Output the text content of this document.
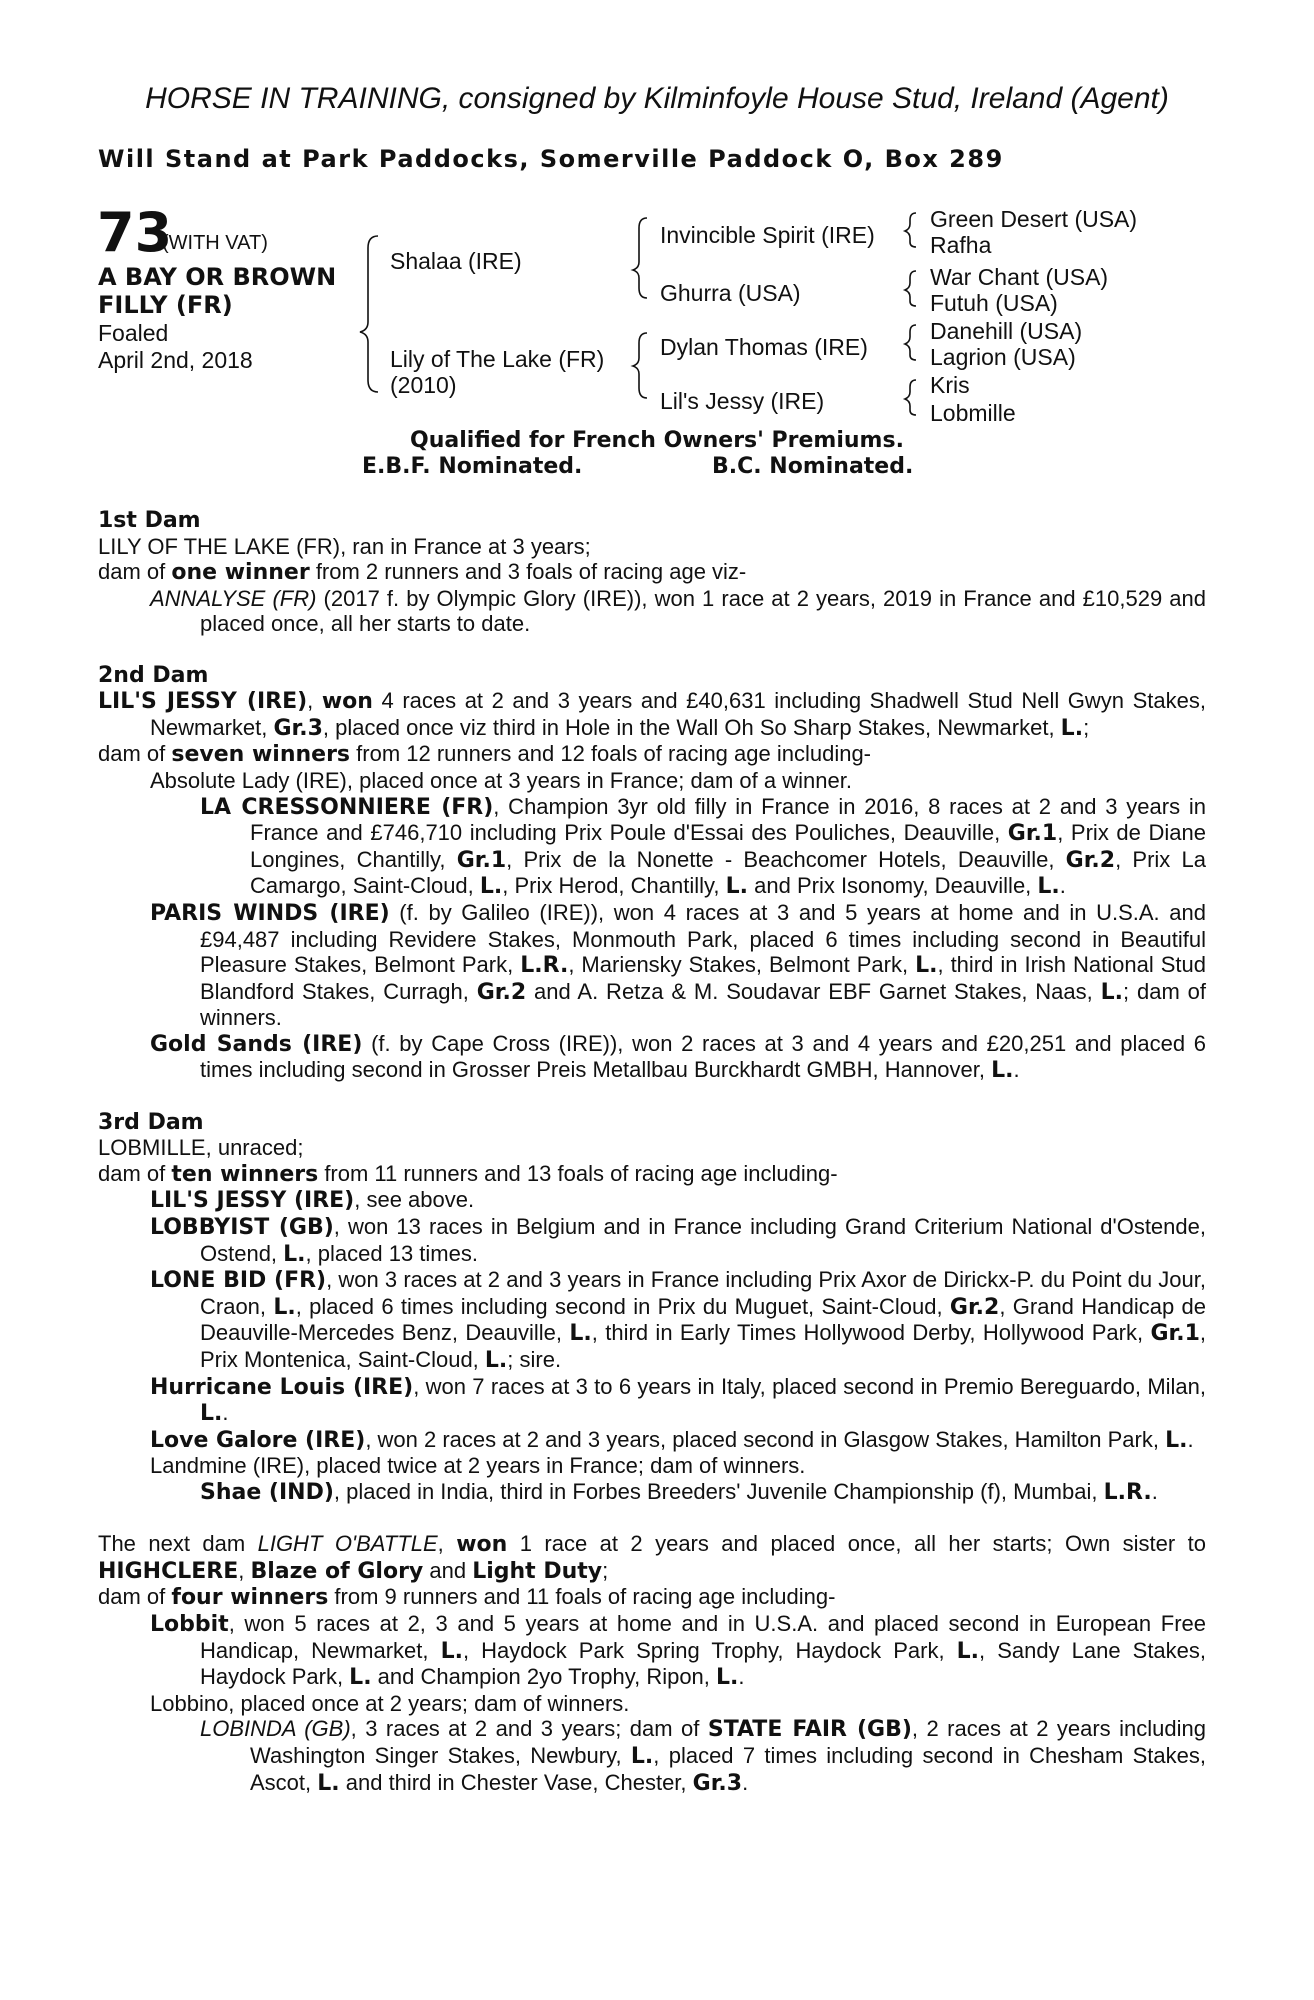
HORSE IN TRAINING, consigned by Kilminfoyle House Stud, Ireland (Agent)
Will Stand at Park Paddocks, Somerville Paddock O, Box 289
73
(WITH VAT)
A BAY OR BROWN
FILLY (FR)
Foaled
April 2nd, 2018
Shalaa (IRE)
Lily of The Lake (FR)
(2010)
Invincible Spirit (IRE)
Ghurra (USA)
Dylan Thomas (IRE)
Lil's Jessy (IRE)
Green Desert (USA)
Rafha
War Chant (USA)
Futuh (USA)
Danehill (USA)
Lagrion (USA)
Kris
Lobmille
Qualified for French Owners' Premiums.
E.B.F. Nominated.	B.C. Nominated.

1st Dam

LILY OF THE LAKE (FR), ran in France at 3 years;

dam of one winner from 2 runners and 3 foals of racing age viz-

ANNALYSE (FR) (2017 f. by Olympic Glory (IRE)), won 1 race at 2 years, 2019 in France and £10,529 and placed once, all her starts to date.

2nd Dam

LIL'S JESSY (IRE), won 4 races at 2 and 3 years and £40,631 including Shadwell Stud Nell Gwyn Stakes, Newmarket, Gr.3, placed once viz third in Hole in the Wall Oh So Sharp Stakes, Newmarket, L.;

dam of seven winners from 12 runners and 12 foals of racing age including-

Absolute Lady (IRE), placed once at 3 years in France; dam of a winner.

LA CRESSONNIERE (FR), Champion 3yr old filly in France in 2016, 8 races at 2 and 3 years in France and £746,710 including Prix Poule d'Essai des Pouliches, Deauville, Gr.1, Prix de Diane Longines, Chantilly, Gr.1, Prix de la Nonette - Beachcomer Hotels, Deauville, Gr.2, Prix La Camargo, Saint-Cloud, L., Prix Herod, Chantilly, L. and Prix Isonomy, Deauville, L..

PARIS WINDS (IRE) (f. by Galileo (IRE)), won 4 races at 3 and 5 years at home and in U.S.A. and £94,487 including Revidere Stakes, Monmouth Park, placed 6 times including second in Beautiful Pleasure Stakes, Belmont Park, L.R., Mariensky Stakes, Belmont Park, L., third in Irish National Stud Blandford Stakes, Curragh, Gr.2 and A. Retza & M. Soudavar EBF Garnet Stakes, Naas, L.; dam of winners.

Gold Sands (IRE) (f. by Cape Cross (IRE)), won 2 races at 3 and 4 years and £20,251 and placed 6 times including second in Grosser Preis Metallbau Burckhardt GMBH, Hannover, L..

3rd Dam

LOBMILLE, unraced;

dam of ten winners from 11 runners and 13 foals of racing age including-

LIL'S JESSY (IRE), see above.

LOBBYIST (GB), won 13 races in Belgium and in France including Grand Criterium National d'Ostende, Ostend, L., placed 13 times.

LONE BID (FR), won 3 races at 2 and 3 years in France including Prix Axor de Dirickx-P. du Point du Jour, Craon, L., placed 6 times including second in Prix du Muguet, Saint-Cloud, Gr.2, Grand Handicap de Deauville-Mercedes Benz, Deauville, L., third in Early Times Hollywood Derby, Hollywood Park, Gr.1, Prix Montenica, Saint-Cloud, L.; sire.

Hurricane Louis (IRE), won 7 races at 3 to 6 years in Italy, placed second in Premio Bereguardo, Milan, L..

Love Galore (IRE), won 2 races at 2 and 3 years, placed second in Glasgow Stakes, Hamilton Park, L..

Landmine (IRE), placed twice at 2 years in France; dam of winners.

Shae (IND), placed in India, third in Forbes Breeders' Juvenile Championship (f), Mumbai, L.R..

The next dam LIGHT O'BATTLE, won 1 race at 2 years and placed once, all her starts; Own sister to HIGHCLERE, Blaze of Glory and Light Duty;

dam of four winners from 9 runners and 11 foals of racing age including-

Lobbit, won 5 races at 2, 3 and 5 years at home and in U.S.A. and placed second in European Free Handicap, Newmarket, L., Haydock Park Spring Trophy, Haydock Park, L., Sandy Lane Stakes, Haydock Park, L. and Champion 2yo Trophy, Ripon, L..

Lobbino, placed once at 2 years; dam of winners.

LOBINDA (GB), 3 races at 2 and 3 years; dam of STATE FAIR (GB), 2 races at 2 years including Washington Singer Stakes, Newbury, L., placed 7 times including second in Chesham Stakes, Ascot, L. and third in Chester Vase, Chester, Gr.3.
